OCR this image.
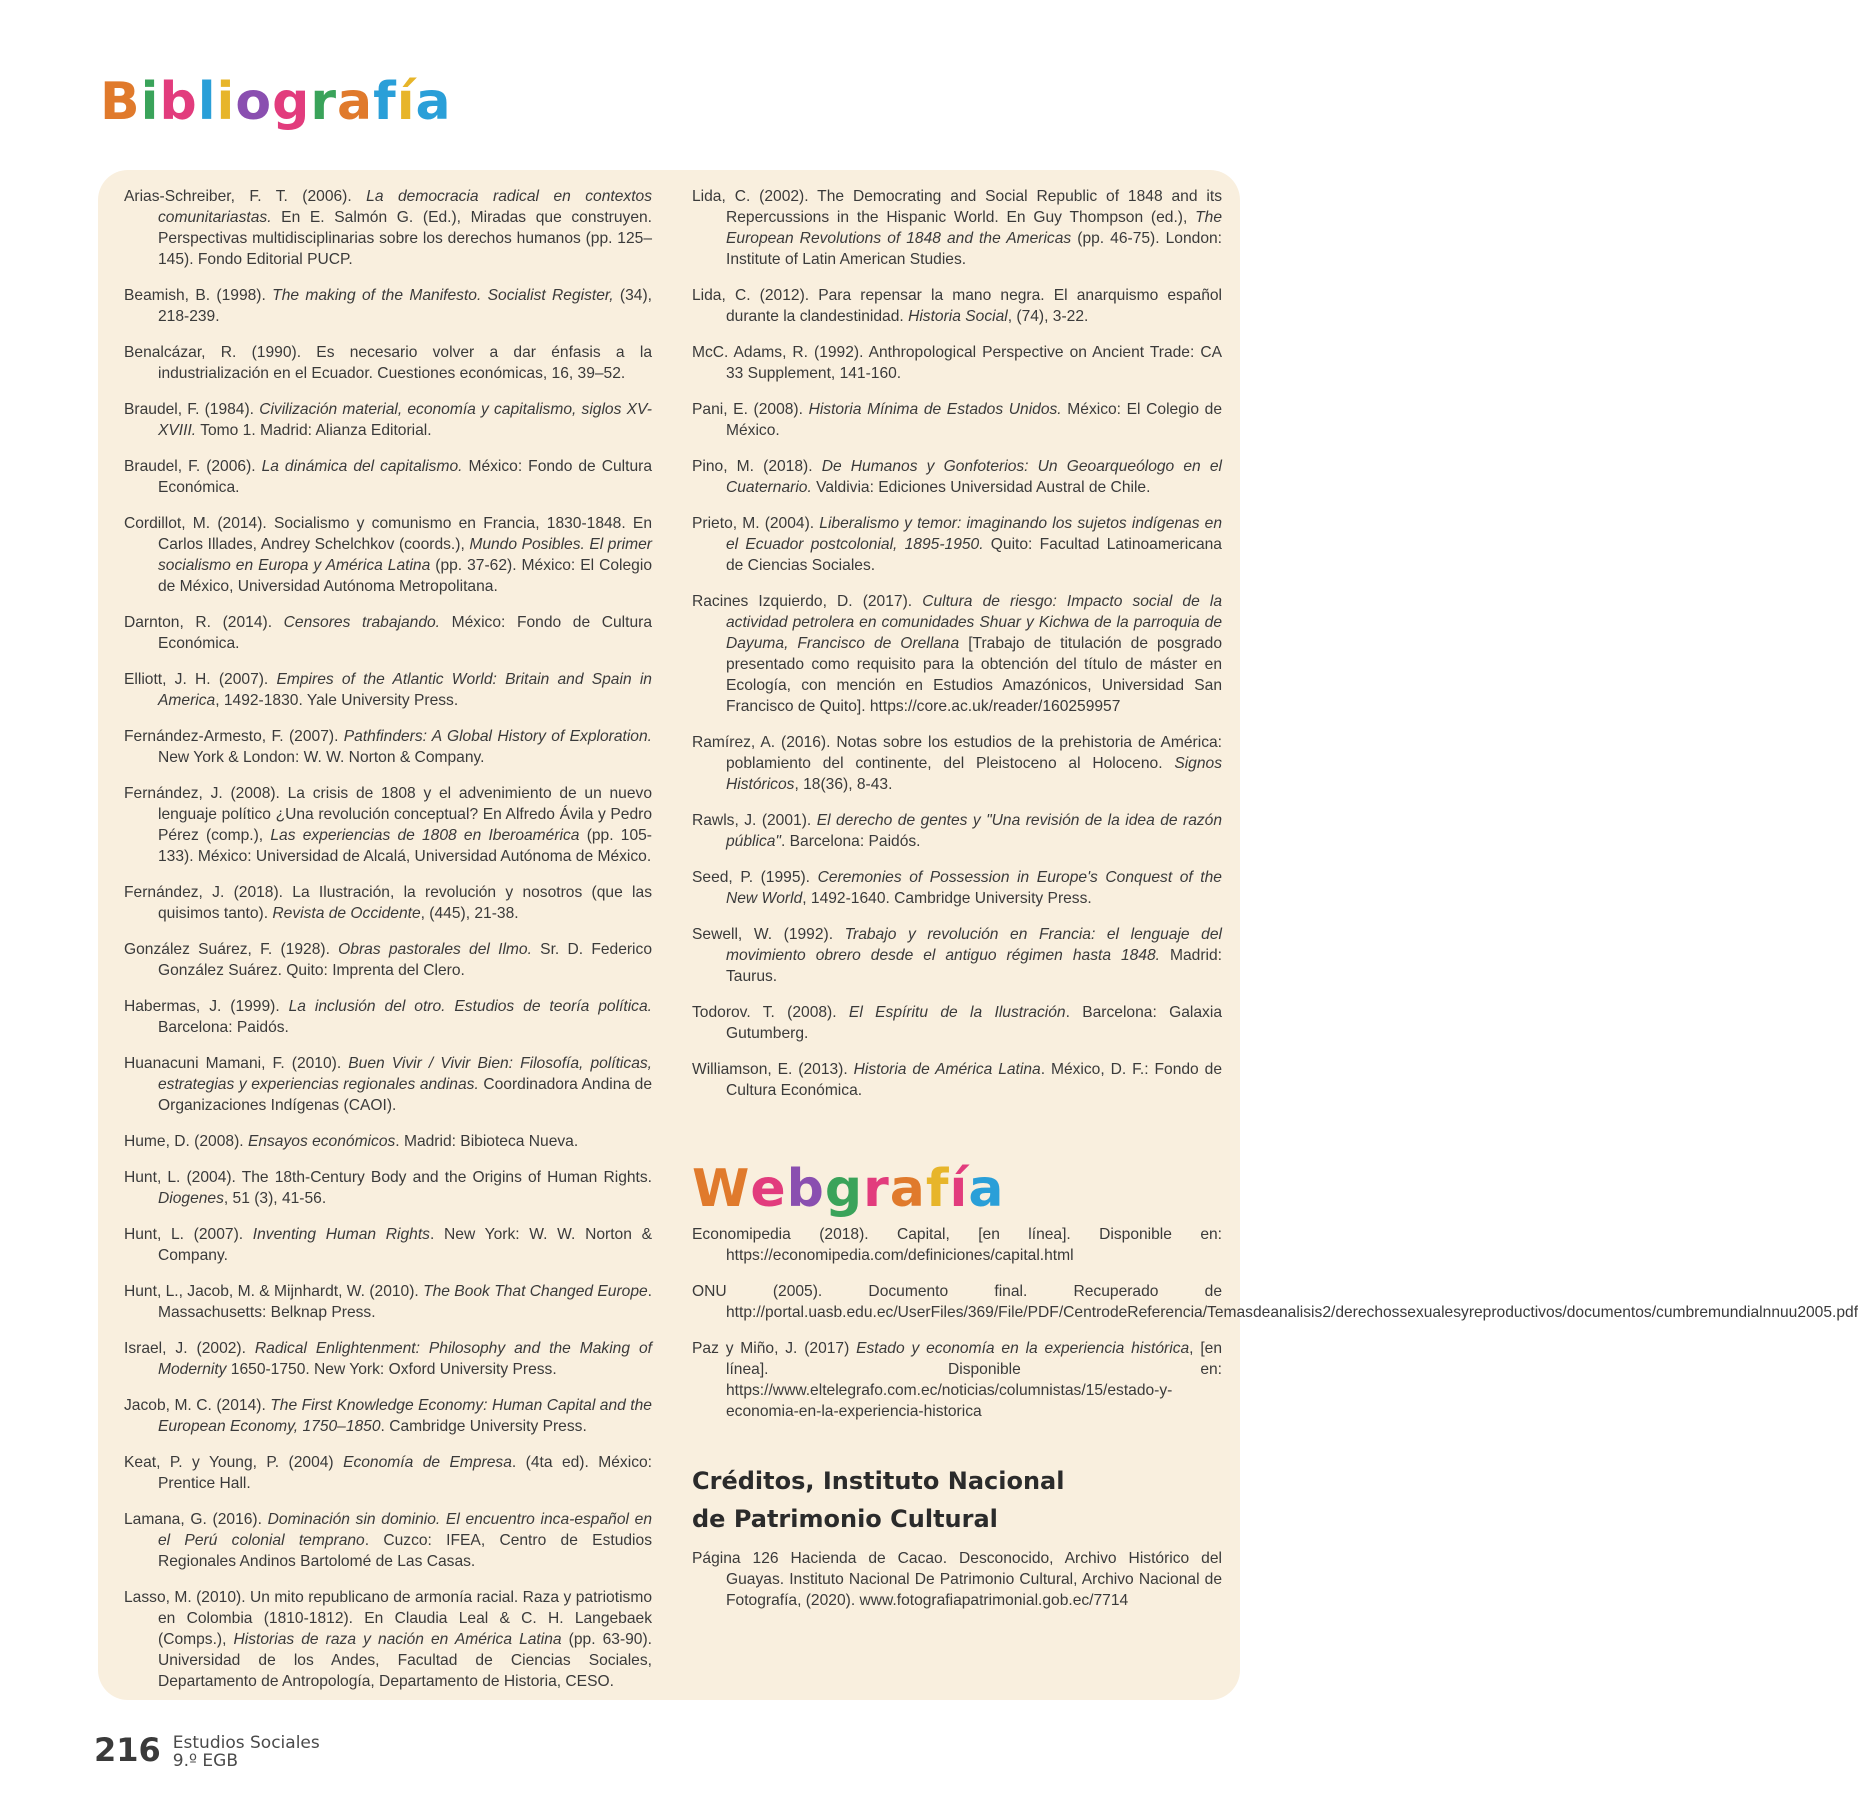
Bibliografía

Arias-Schreiber, F. T. (2006). La democracia radical en contextos comunitariastas. En E. Salmón G. (Ed.), Miradas que construyen. Perspectivas multidisciplinarias sobre los derechos humanos (pp. 125–145). Fondo Editorial PUCP.

Beamish, B. (1998). The making of the Manifesto. Socialist Register, (34), 218-239.

Benalcázar, R. (1990). Es necesario volver a dar énfasis a la industrialización en el Ecuador. Cuestiones económicas, 16, 39–52.

Braudel, F. (1984). Civilización material, economía y capitalismo, siglos XV-XVIII. Tomo 1. Madrid: Alianza Editorial.

Braudel, F. (2006). La dinámica del capitalismo. México: Fondo de Cultura Económica.

Cordillot, M. (2014). Socialismo y comunismo en Francia, 1830-1848. En Carlos Illades, Andrey Schelchkov (coords.), Mundo Posibles. El primer socialismo en Europa y América Latina (pp. 37-62). México: El Colegio de México, Universidad Autónoma Metropolitana.

Darnton, R. (2014). Censores trabajando. México: Fondo de Cultura Económica.

Elliott, J. H. (2007). Empires of the Atlantic World: Britain and Spain in America, 1492-1830. Yale University Press.

Fernández-Armesto, F. (2007). Pathfinders: A Global History of Exploration. New York & London: W. W. Norton & Company.

Fernández, J. (2008). La crisis de 1808 y el advenimiento de un nuevo lenguaje político ¿Una revolución conceptual? En Alfredo Ávila y Pedro Pérez (comp.), Las experiencias de 1808 en Iberoamérica (pp. 105-133). México: Universidad de Alcalá, Universidad Autónoma de México.

Fernández, J. (2018). La Ilustración, la revolución y nosotros (que las quisimos tanto). Revista de Occidente, (445), 21-38.

González Suárez, F. (1928). Obras pastorales del Ilmo. Sr. D. Federico González Suárez. Quito: Imprenta del Clero.

Habermas, J. (1999). La inclusión del otro. Estudios de teoría política. Barcelona: Paidós.

Huanacuni Mamani, F. (2010). Buen Vivir / Vivir Bien: Filosofía, políticas, estrategias y experiencias regionales andinas. Coordinadora Andina de Organizaciones Indígenas (CAOI).

Hume, D. (2008). Ensayos económicos. Madrid: Bibioteca Nueva.

Hunt, L. (2004). The 18th-Century Body and the Origins of Human Rights. Diogenes, 51 (3), 41-56.

Hunt, L. (2007). Inventing Human Rights. New York: W. W. Norton & Company.

Hunt, L., Jacob, M. & Mijnhardt, W. (2010). The Book That Changed Europe. Massachusetts: Belknap Press.

Israel, J. (2002). Radical Enlightenment: Philosophy and the Making of Modernity 1650-1750. New York: Oxford University Press.

Jacob, M. C. (2014). The First Knowledge Economy: Human Capital and the European Economy, 1750–1850. Cambridge University Press.

Keat, P. y Young, P. (2004) Economía de Empresa. (4ta ed). México: Prentice Hall.

Lamana, G. (2016). Dominación sin dominio. El encuentro inca-español en el Perú colonial temprano. Cuzco: IFEA, Centro de Estudios Regionales Andinos Bartolomé de Las Casas.

Lasso, M. (2010). Un mito republicano de armonía racial. Raza y patriotismo en Colombia (1810-1812). En Claudia Leal & C. H. Langebaek (Comps.), Historias de raza y nación en América Latina (pp. 63-90). Universidad de los Andes, Facultad de Ciencias Sociales, Departamento de Antropología, Departamento de Historia, CESO.

Lida, C. (2002). The Democrating and Social Republic of 1848 and its Repercussions in the Hispanic World. En Guy Thompson (ed.), The European Revolutions of 1848 and the Americas (pp. 46-75). London: Institute of Latin American Studies.

Lida, C. (2012). Para repensar la mano negra. El anarquismo español durante la clandestinidad. Historia Social, (74), 3-22.

McC. Adams, R. (1992). Anthropological Perspective on Ancient Trade: CA 33 Supplement, 141-160.

Pani, E. (2008). Historia Mínima de Estados Unidos. México: El Colegio de México.

Pino, M. (2018). De Humanos y Gonfoterios: Un Geoarqueólogo en el Cuaternario. Valdivia: Ediciones Universidad Austral de Chile.

Prieto, M. (2004). Liberalismo y temor: imaginando los sujetos indígenas en el Ecuador postcolonial, 1895-1950. Quito: Facultad Latinoamericana de Ciencias Sociales.

Racines Izquierdo, D. (2017). Cultura de riesgo: Impacto social de la actividad petrolera en comunidades Shuar y Kichwa de la parroquia de Dayuma, Francisco de Orellana [Trabajo de titulación de posgrado presentado como requisito para la obtención del título de máster en Ecología, con mención en Estudios Amazónicos, Universidad San Francisco de Quito]. https://core.ac.uk/reader/160259957

Ramírez, A. (2016). Notas sobre los estudios de la prehistoria de América: poblamiento del continente, del Pleistoceno al Holoceno. Signos Históricos, 18(36), 8-43.

Rawls, J. (2001). El derecho de gentes y "Una revisión de la idea de razón pública". Barcelona: Paidós.

Seed, P. (1995). Ceremonies of Possession in Europe's Conquest of the New World, 1492-1640. Cambridge University Press.

Sewell, W. (1992). Trabajo y revolución en Francia: el lenguaje del movimiento obrero desde el antiguo régimen hasta 1848. Madrid: Taurus.

Todorov. T. (2008). El Espíritu de la Ilustración. Barcelona: Galaxia Gutumberg.

Williamson, E. (2013). Historia de América Latina. México, D. F.: Fondo de Cultura Económica.

Webgrafía

Economipedia (2018). Capital, [en línea]. Disponible en: https://economipedia.com/definiciones/capital.html

ONU (2005). Documento final. Recuperado de http://portal.uasb.edu.ec/UserFiles/369/File/PDF/CentrodeReferencia/Temasdeanalisis2/derechossexualesyreproductivos/documentos/cumbremundialnnuu2005.pdf

Paz y Miño, J. (2017) Estado y economía en la experiencia histórica, [en línea]. Disponible en: https://www.eltelegrafo.com.ec/noticias/columnistas/15/estado-y-economia-en-la-experiencia-historica

Créditos, Instituto Nacional
de Patrimonio Cultural

Página 126 Hacienda de Cacao. Desconocido, Archivo Histórico del Guayas. Instituto Nacional De Patrimonio Cultural, Archivo Nacional de Fotografía, (2020). www.fotografiapatrimonial.gob.ec/7714

216 Estudios Sociales
9.º EGB
